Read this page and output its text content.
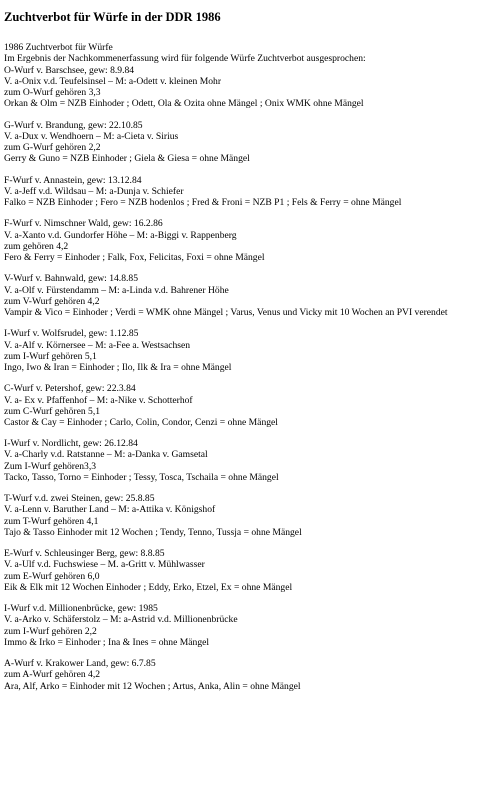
Zuchtverbot für Würfe in der DDR 1986
1986 Zuchtverbot für Würfe
Im Ergebnis der Nachkommenerfassung wird für folgende Würfe Zuchtverbot ausgesprochen:
O-Wurf v. Barschsee, gew: 8.9.84
V. a-Onix v.d. Teufelsinsel – M: a-Odett v. kleinen Mohr
zum O-Wurf gehören 3,3
Orkan & Olm = NZB Einhoder ; Odett, Ola & Ozita ohne Mängel ; Onix WMK ohne Mängel
G-Wurf v. Brandung, gew: 22.10.85
V. a-Dux v. Wendhoern – M: a-Cieta v. Sirius
zum G-Wurf gehören 2,2
Gerry & Guno = NZB Einhoder ; Giela & Giesa = ohne Mängel
F-Wurf v. Annastein, gew: 13.12.84
V. a-Jeff v.d. Wildsau – M: a-Dunja v. Schiefer
Falko = NZB Einhoder ; Fero = NZB hodenlos ; Fred & Froni = NZB P1 ; Fels & Ferry = ohne Mängel
F-Wurf v. Nimschner Wald, gew: 16.2.86
V. a-Xanto v.d. Gundorfer Höhe – M: a-Biggi v. Rappenberg
zum gehören 4,2
Fero & Ferry = Einhoder ; Falk, Fox, Felicitas, Foxi = ohne Mängel
V-Wurf v. Bahnwald, gew: 14.8.85
V. a-Olf v. Fürstendamm – M: a-Linda v.d. Bahrener Höhe
zum V-Wurf gehören 4,2
Vampir & Vico = Einhoder ; Verdi = WMK ohne Mängel ; Varus, Venus und Vicky mit 10 Wochen an PVI verendet
I-Wurf v. Wolfsrudel, gew: 1.12.85
V. a-Alf v. Körnersee – M: a-Fee a. Westsachsen
zum I-Wurf gehören 5,1
Ingo, Iwo & Iran = Einhoder ; Ilo, Ilk & Ira = ohne Mängel
C-Wurf v. Petershof, gew: 22.3.84
V. a- Ex v. Pfaffenhof – M: a-Nike v. Schotterhof
zum C-Wurf gehören 5,1
Castor & Cay = Einhoder ; Carlo, Colin, Condor, Cenzi = ohne Mängel
I-Wurf v. Nordlicht, gew: 26.12.84
V. a-Charly v.d. Ratstanne – M: a-Danka v. Gamsetal
Zum I-Wurf gehören3,3
Tacko, Tasso, Torno = Einhoder ; Tessy, Tosca, Tschaila = ohne Mängel
T-Wurf v.d. zwei Steinen, gew: 25.8.85
V. a-Lenn v. Baruther Land – M: a-Attika v. Königshof
zum T-Wurf gehören 4,1
Tajo & Tasso Einhoder mit 12 Wochen ; Tendy, Tenno, Tussja = ohne Mängel
E-Wurf v. Schleusinger Berg, gew: 8.8.85
V. a-Ulf v.d. Fuchswiese – M. a-Gritt v. Mühlwasser
zum E-Wurf gehören 6,0
Eik & Elk mit 12 Wochen Einhoder ; Eddy, Erko, Etzel, Ex = ohne Mängel
I-Wurf v.d. Millionenbrücke, gew: 1985
V. a-Arko v. Schäferstolz – M: a-Astrid v.d. Millionenbrücke
zum I-Wurf gehören 2,2
Immo & Irko = Einhoder ; Ina & Ines = ohne Mängel
A-Wurf v. Krakower Land, gew: 6.7.85
zum A-Wurf gehören 4,2
Ara, Alf, Arko = Einhoder mit 12 Wochen ; Artus, Anka, Alin = ohne Mängel
